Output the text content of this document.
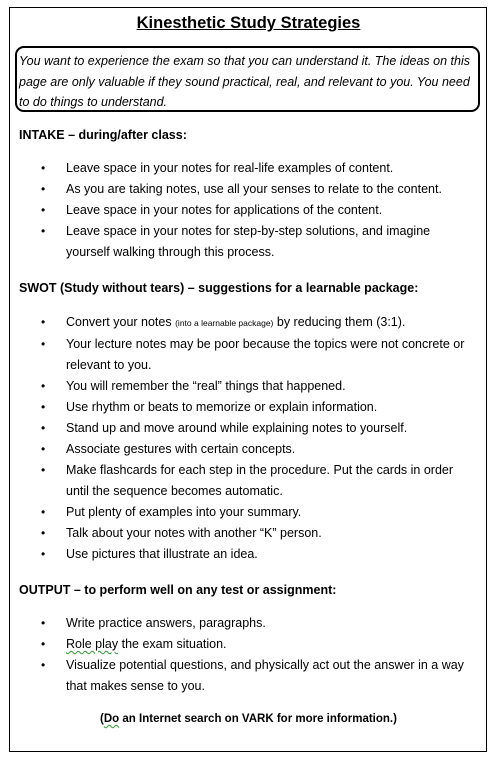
Kinesthetic Study Strategies
You want to experience the exam so that you can understand it. The ideas on this page are only valuable if they sound practical, real, and relevant to you. You need to do things to understand.
INTAKE – during/after class:
• Leave space in your notes for real-life examples of content.
• As you are taking notes, use all your senses to relate to the content.
• Leave space in your notes for applications of the content.
• Leave space in your notes for step-by-step solutions, and imagine yourself walking through this process.
SWOT (Study without tears) – suggestions for a learnable package:
• Convert your notes (into a learnable package) by reducing them (3:1).
• Your lecture notes may be poor because the topics were not concrete or relevant to you.
• You will remember the “real” things that happened.
• Use rhythm or beats to memorize or explain information.
• Stand up and move around while explaining notes to yourself.
• Associate gestures with certain concepts.
• Make flashcards for each step in the procedure. Put the cards in order until the sequence becomes automatic.
• Put plenty of examples into your summary.
• Talk about your notes with another “K” person.
• Use pictures that illustrate an idea.
OUTPUT – to perform well on any test or assignment:
• Write practice answers, paragraphs.
• Role play the exam situation.
• Visualize potential questions, and physically act out the answer in a way that makes sense to you.
(Do an Internet search on VARK for more information.)
